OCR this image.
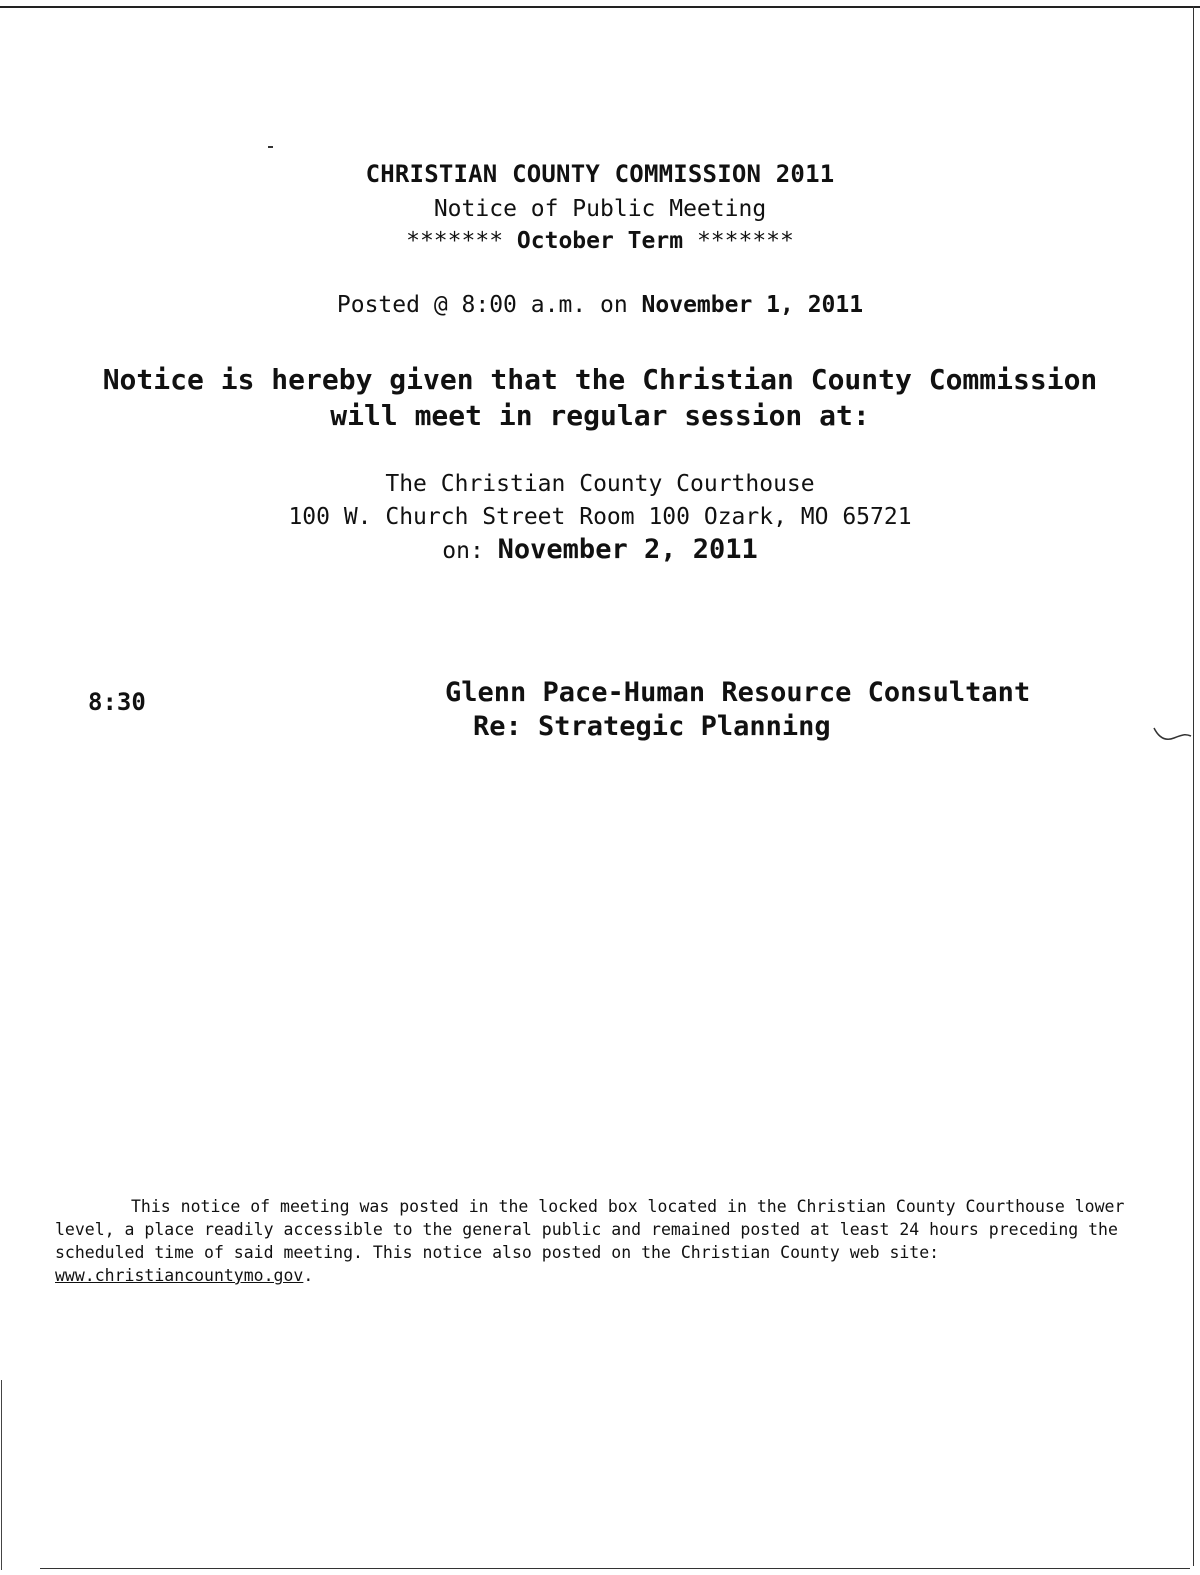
CHRISTIAN COUNTY COMMISSION 2011
Notice of Public Meeting
******* October Term *******
Posted @ 8:00 a.m. on November 1, 2011
Notice is hereby given that the Christian County Commission
will meet in regular session at:
The Christian County Courthouse
100 W. Church Street Room 100 Ozark, MO 65721
on: November 2, 2011
8:30	Glenn Pace-Human Resource Consultant
Re: Strategic Planning
This notice of meeting was posted in the locked box located in the Christian County Courthouse lower level, a place readily accessible to the general public and remained posted at least 24 hours preceding the scheduled time of said meeting. This notice also posted on the Christian County web site: www.christiancountymo.gov.
